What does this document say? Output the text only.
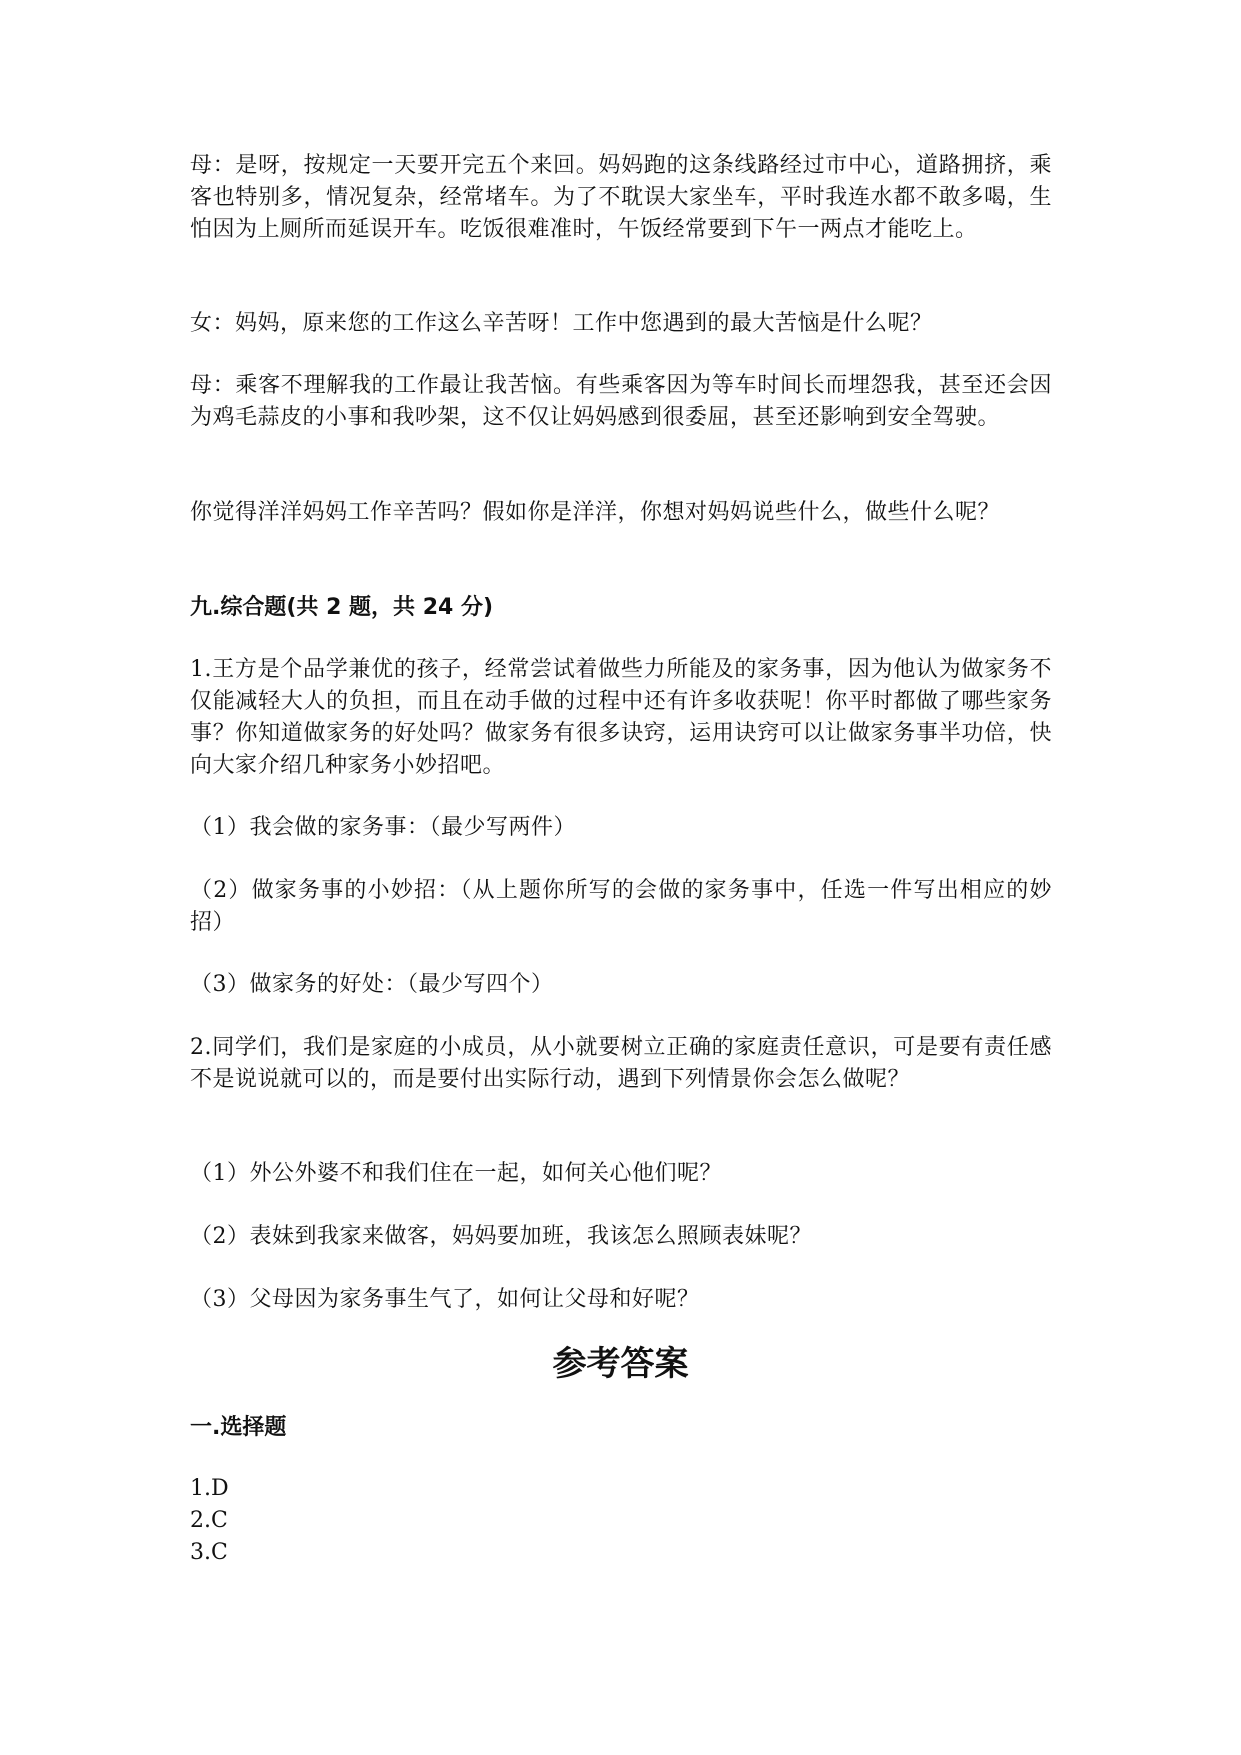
母：是呀，按规定一天要开完五个来回。妈妈跑的这条线路经过市中心，道路拥挤，乘客也特别多，情况复杂，经常堵车。为了不耽误大家坐车，平时我连水都不敢多喝，生怕因为上厕所而延误开车。吃饭很难准时，午饭经常要到下午一两点才能吃上。

女：妈妈，原来您的工作这么辛苦呀！工作中您遇到的最大苦恼是什么呢？

母：乘客不理解我的工作最让我苦恼。有些乘客因为等车时间长而埋怨我，甚至还会因为鸡毛蒜皮的小事和我吵架，这不仅让妈妈感到很委屈，甚至还影响到安全驾驶。

你觉得洋洋妈妈工作辛苦吗？假如你是洋洋，你想对妈妈说些什么，做些什么呢？

九.综合题(共 2 题，共 24 分)

1.王方是个品学兼优的孩子，经常尝试着做些力所能及的家务事，因为他认为做家务不仅能减轻大人的负担，而且在动手做的过程中还有许多收获呢！你平时都做了哪些家务事？你知道做家务的好处吗？做家务有很多诀窍，运用诀窍可以让做家务事半功倍，快向大家介绍几种家务小妙招吧。

（1）我会做的家务事：（最少写两件）

（2）做家务事的小妙招：（从上题你所写的会做的家务事中，任选一件写出相应的妙招）

（3）做家务的好处：（最少写四个）

2.同学们，我们是家庭的小成员，从小就要树立正确的家庭责任意识，可是要有责任感不是说说就可以的，而是要付出实际行动，遇到下列情景你会怎么做呢？

（1）外公外婆不和我们住在一起，如何关心他们呢？

（2）表妹到我家来做客，妈妈要加班，我该怎么照顾表妹呢？

（3）父母因为家务事生气了，如何让父母和好呢？

参考答案

一.选择题

1.D

2.C

3.C
